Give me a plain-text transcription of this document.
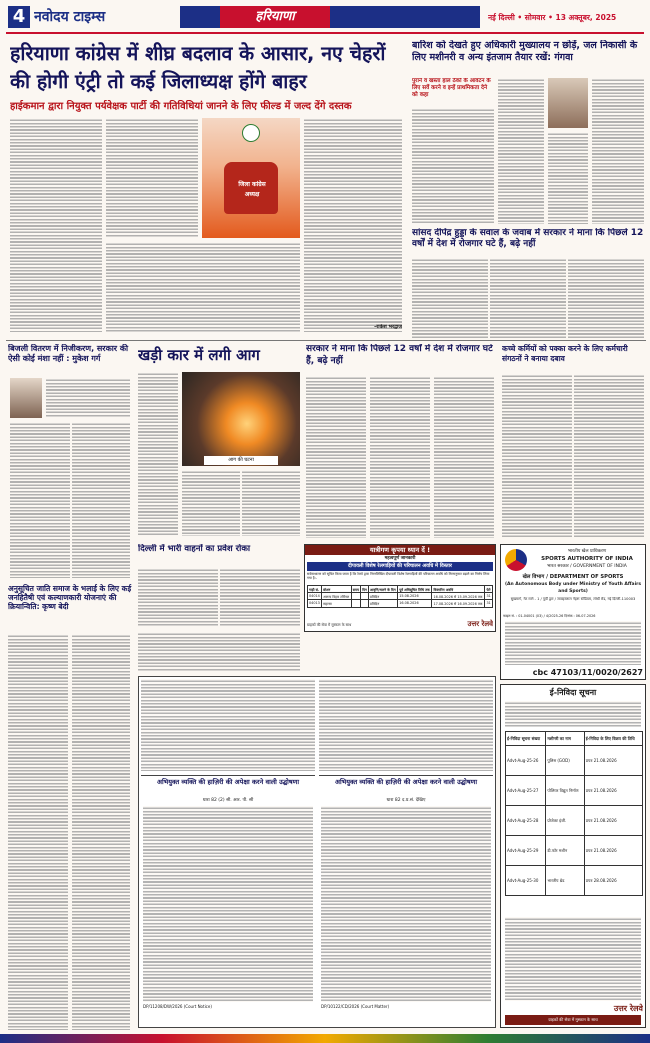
4 नवोदय टाइम्स	हरियाणा	नई दिल्ली • सोमवार • 13 अक्तूबर, 2025
हरियाणा कांग्रेस में शीघ्र बदलाव के आसार, नए चेहरों की होगी एंट्री तो कई जिलाध्यक्ष होंगे बाहर
हाईकमान द्वारा नियुक्त पर्यवेक्षक पार्टी की गतिविधियां जानने के लिए फील्ड में जल्द देंगे दस्तक
जिला कांग्रेस अध्यक्ष
-राकेश भरद्वाज
बारिश को देखते हुए अधिकारी मुख्यालय न छोड़ें, जल निकासी के लिए मशीनरी व अन्य इंतजाम तैयार रखें: गंगवा
पुराने व खस्ता हाल ठेकों के आवंटन के लिए सर्वे करने व इन्हें प्राथमिकता देने को कहा
सांसद दीपेंद्र हुड्डा के सवाल के जवाब में सरकार ने माना कि पिछले 12 वर्षों में देश में रोजगार घटे हैं, बढ़े नहीं
बिजली वितरण में निजीकरण, सरकार की ऐसी कोई मंशा नहीं : मुकेश गर्ग	खड़ी कार में लगी आग
आग की घटना
सरकार ने माना कि पिछले 12 वर्षों में देश में रोजगार घटे हैं, बढ़े नहीं
कच्चे कर्मियों को पक्का करने के लिए कर्मचारी संगठनों ने बनाया दबाव
दिल्ली में भारी वाहनों का प्रवेश रोका	यात्रीगण कृपया ध्यान दें !
महत्वपूर्ण जानकारी
दीपावली विशेष रेलगाड़ियों की परिचालन अवधि में विस्तार
सर्वसाधारण को सूचित किया जाता है कि रेलवे द्वारा निम्नलिखित दीपावली विशेष रेलगाड़ियों की परिचालन अवधि को निम्नानुसार बढ़ाने का निर्णय लिया गया है:-
गाड़ी सं.	स्टेशन	समय	दिन	आवृत्ति/चलने के दिन	पूर्व अधिसूचित तिथि तक	विस्तारित अवधि	फेरे
04014	आनन्द विहार टर्मिनल			प्रतिदिन	15.08.2026	16.08.2026 से 15.09.2026 तक	31
04013	सहरसा			प्रतिदिन	16.08.2026	17.08.2026 से 16.09.2026 तक	31
उत्तर रेलवे
ग्राहकों की सेवा में मुस्कान के साथ
भारतीय खेल प्राधिकरण
SPORTS AUTHORITY OF INDIA
भारत सरकार / GOVERNMENT OF INDIA
खेल विभाग / DEPARTMENT OF SPORTS
(An Autonomous Body under Ministry of Youth Affairs and Sports)
सुखमार्ग, गेट मार्ग - 1 / पूर्वी द्वार / जवाहरलाल नेहरू स्टेडियम, लोधी रोड, नई दिल्ली-110003
फाइल सं. : 01-04001 (03) / 4/2025-26 दिनांक : 06-07-2026
cbc 47103/11/0020/2627
अनुसूचित जाति समाज के भलाई के लिए कई जनहितैषी एवं कल्याणकारी योजनाएं की क्रियान्विति: कृष्ण बेदी
अभियुक्त व्यक्ति की हाज़िरी की अपेक्षा करने वाली उद्घोषणा
धारा 82 (2) सी. आर. पी. सी
DP/11208/DW/2026 (Court Notice)
अभियुक्त व्यक्ति की हाज़िरी की अपेक्षा करने वाली उद्घोषणा
धारा 82 द.प्र.सं. देखिए
DP/10122/CD/2026 (Court Matter)
ई-निविदा सूचना
ई-निविदा सूचना संख्या	मशीनरी का नाम	ई-निविदा के लिए विक्रय की तिथि
Advt-Aug-25-26	पुलिस (GOD)	प्रपत्र 21.08.2026
Advt-Aug-25-27	पोलियर विद्युत निर्माण	प्रपत्र 21.08.2026
Advt-Aug-25-28	प्रोजेक्ट इंजी.	प्रपत्र 21.08.2026
Advt-Aug-25-29	डी.फॉर मशीन	प्रपत्र 21.08.2026
Advt-Aug-25-30	भारतीय थ्रेड	प्रपत्र 28.08.2026
उत्तर रेलवे
ग्राहकों की सेवा में मुस्कान के साथ
